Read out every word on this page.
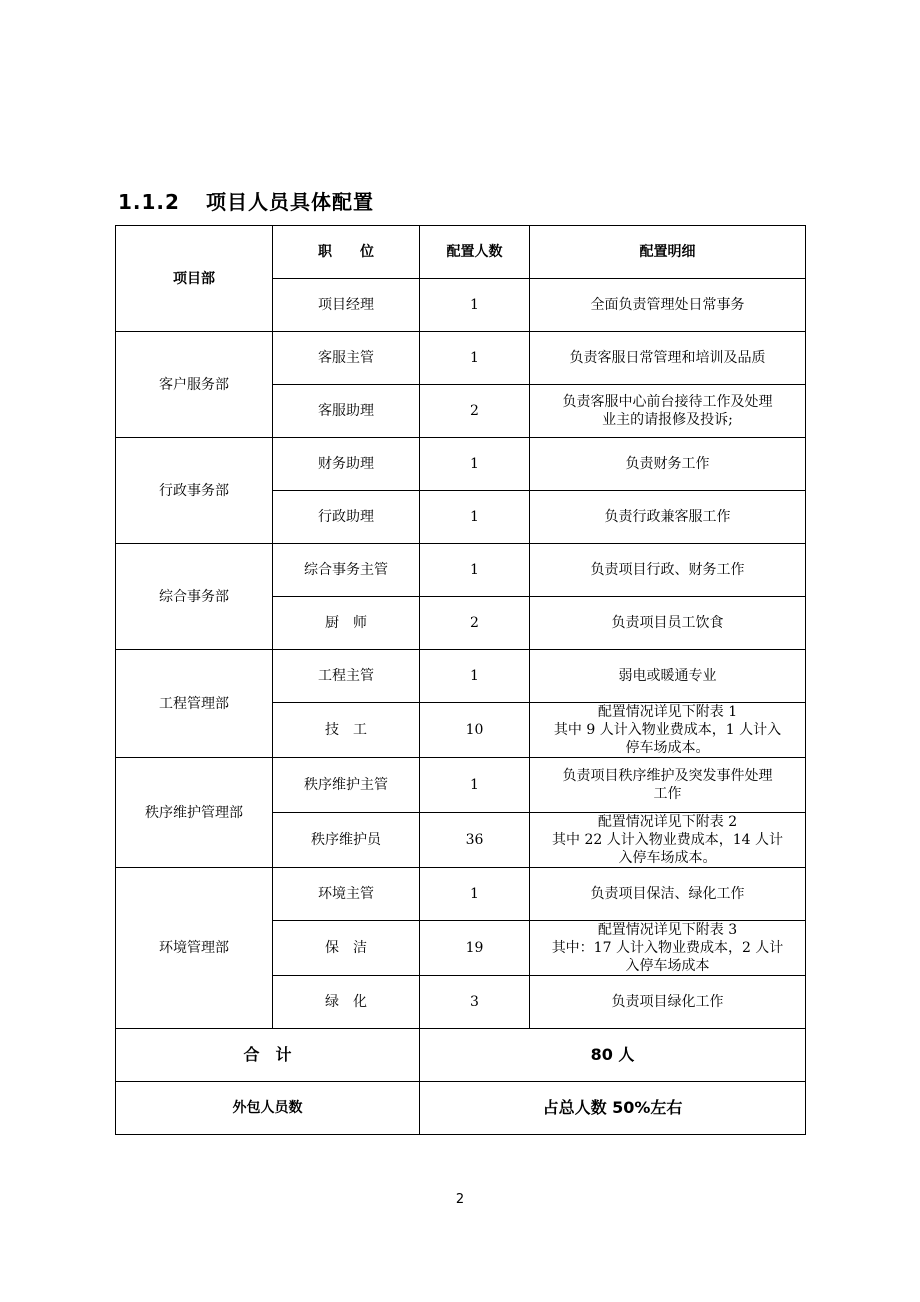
1.1.2 项目人员具体配置
项目部	职　　位	配置人数	配置明细
	项目经理	1	全面负责管理处日常事务

客户服务部	客服主管	1	负责客服日常管理和培训及品质

	客服助理	2	负责客服中心前台接待工作及处理
业主的请报修及投诉;

行政事务部	财务助理	1	负责财务工作

	行政助理	1	负责行政兼客服工作

综合事务部	综合事务主管	1	负责项目行政、财务工作

	厨　师	2	负责项目员工饮食

工程管理部	工程主管	1	弱电或暖通专业

	技　工	10	配置情况详见下附表 1
其中 9 人计入物业费成本，1 人计入
停车场成本。

秩序维护管理部	秩序维护主管	1	负责项目秩序维护及突发事件处理
工作

	秩序维护员	36	配置情况详见下附表 2
其中 22 人计入物业费成本，14 人计
入停车场成本。

环境管理部	环境主管	1	负责项目保洁、绿化工作

	保　洁	19	配置情况详见下附表 3
其中：17 人计入物业费成本，2 人计
入停车场成本

	绿　化	3	负责项目绿化工作

合　计		80 人	
外包人员数		占总人数 50%左右	
2
